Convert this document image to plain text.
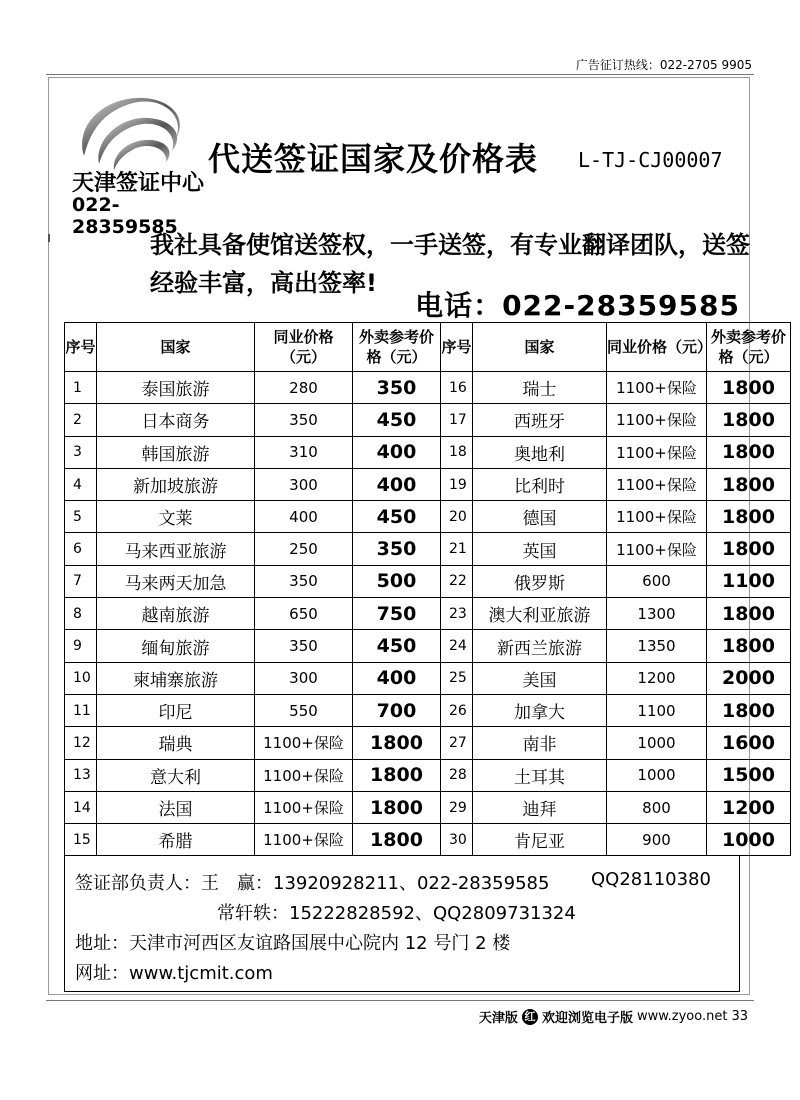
广告征订热线：022-2705 9905
天津签证中心
022-28359585
代送签证国家及价格表 L-TJ-CJ00007
我社具备使馆送签权，一手送签，有专业翻译团队，送签经验丰富，高出签率!
电话：022-28359585
序号	国家	同业价格（元）	外卖参考价格（元）	序号	国家	同业价格（元）	外卖参考价格（元）
1	泰国旅游	280	350	16	瑞士	1100+保险	1800
2	日本商务	350	450	17	西班牙	1100+保险	1800
3	韩国旅游	310	400	18	奥地利	1100+保险	1800
4	新加坡旅游	300	400	19	比利时	1100+保险	1800
5	文莱	400	450	20	德国	1100+保险	1800
6	马来西亚旅游	250	350	21	英国	1100+保险	1800
7	马来两天加急	350	500	22	俄罗斯	600	1100
8	越南旅游	650	750	23	澳大利亚旅游	1300	1800
9	缅甸旅游	350	450	24	新西兰旅游	1350	1800
10	柬埔寨旅游	300	400	25	美国	1200	2000
11	印尼	550	700	26	加拿大	1100	1800
12	瑞典	1100+保险	1800	27	南非	1000	1600
13	意大利	1100+保险	1800	28	土耳其	1000	1500
14	法国	1100+保险	1800	29	迪拜	800	1200
15	希腊	1100+保险	1800	30	肯尼亚	900	1000
签证部负责人：王　赢：13920928211、022-28359585 QQ28110380
常轩轶：15222828592、QQ2809731324
地址：天津市河西区友谊路国展中心院内 12 号门 2 楼
网址：www.tjcmit.com
天津版 红 欢迎浏览电子版 www.zyoo.net 33
